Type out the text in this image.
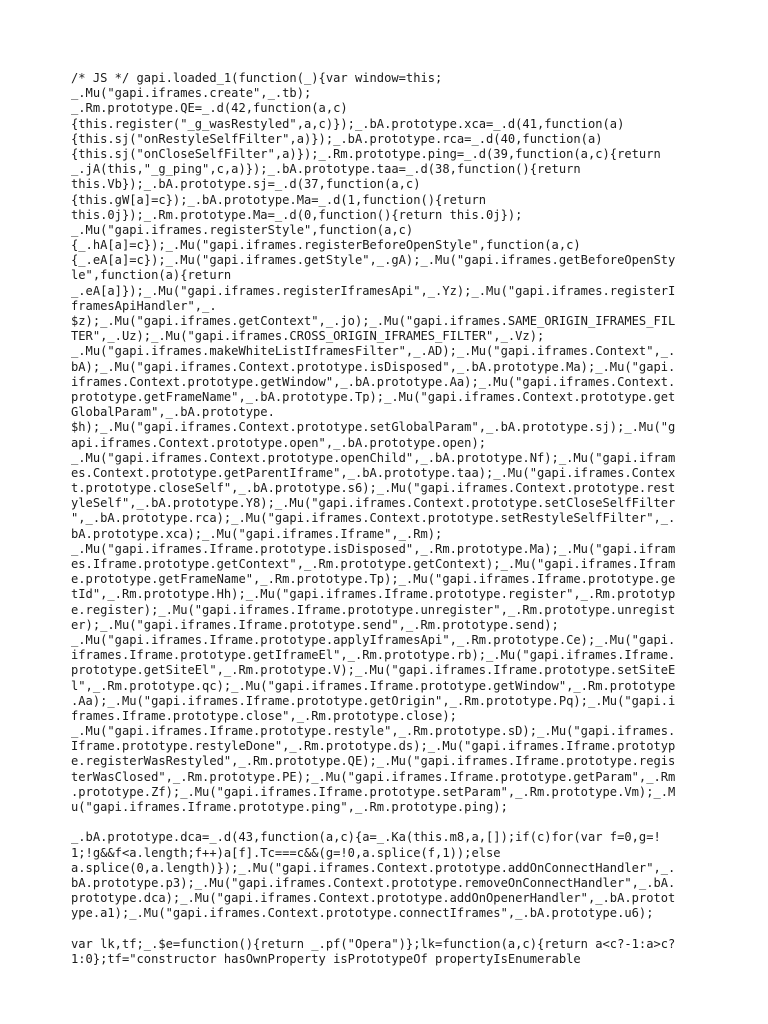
/* JS */ gapi.loaded_1(function(_){var window=this;
_.Mu("gapi.iframes.create",_.tb);
_.Rm.prototype.QE=_.d(42,function(a,c)
{this.register("_g_wasRestyled",a,c)});_.bA.prototype.xca=_.d(41,function(a)
{this.sj("onRestyleSelfFilter",a)});_.bA.prototype.rca=_.d(40,function(a)
{this.sj("onCloseSelfFilter",a)});_.Rm.prototype.ping=_.d(39,function(a,c){return
_.jA(this,"_g_ping",c,a)});_.bA.prototype.taa=_.d(38,function(){return
this.Vb});_.bA.prototype.sj=_.d(37,function(a,c)
{this.gW[a]=c});_.bA.prototype.Ma=_.d(1,function(){return
this.0j});_.Rm.prototype.Ma=_.d(0,function(){return this.0j});
_.Mu("gapi.iframes.registerStyle",function(a,c)
{_.hA[a]=c});_.Mu("gapi.iframes.registerBeforeOpenStyle",function(a,c)
{_.eA[a]=c});_.Mu("gapi.iframes.getStyle",_.gA);_.Mu("gapi.iframes.getBeforeOpenSty
le",function(a){return
_.eA[a]});_.Mu("gapi.iframes.registerIframesApi",_.Yz);_.Mu("gapi.iframes.registerI
framesApiHandler",_.
$z);_.Mu("gapi.iframes.getContext",_.jo);_.Mu("gapi.iframes.SAME_ORIGIN_IFRAMES_FIL
TER",_.Uz);_.Mu("gapi.iframes.CROSS_ORIGIN_IFRAMES_FILTER",_.Vz);
_.Mu("gapi.iframes.makeWhiteListIframesFilter",_.AD);_.Mu("gapi.iframes.Context",_.
bA);_.Mu("gapi.iframes.Context.prototype.isDisposed",_.bA.prototype.Ma);_.Mu("gapi.
iframes.Context.prototype.getWindow",_.bA.prototype.Aa);_.Mu("gapi.iframes.Context.
prototype.getFrameName",_.bA.prototype.Tp);_.Mu("gapi.iframes.Context.prototype.get
GlobalParam",_.bA.prototype.
$h);_.Mu("gapi.iframes.Context.prototype.setGlobalParam",_.bA.prototype.sj);_.Mu("g
api.iframes.Context.prototype.open",_.bA.prototype.open);
_.Mu("gapi.iframes.Context.prototype.openChild",_.bA.prototype.Nf);_.Mu("gapi.ifram
es.Context.prototype.getParentIframe",_.bA.prototype.taa);_.Mu("gapi.iframes.Contex
t.prototype.closeSelf",_.bA.prototype.s6);_.Mu("gapi.iframes.Context.prototype.rest
yleSelf",_.bA.prototype.Y8);_.Mu("gapi.iframes.Context.prototype.setCloseSelfFilter
",_.bA.prototype.rca);_.Mu("gapi.iframes.Context.prototype.setRestyleSelfFilter",_.
bA.prototype.xca);_.Mu("gapi.iframes.Iframe",_.Rm);
_.Mu("gapi.iframes.Iframe.prototype.isDisposed",_.Rm.prototype.Ma);_.Mu("gapi.ifram
es.Iframe.prototype.getContext",_.Rm.prototype.getContext);_.Mu("gapi.iframes.Ifram
e.prototype.getFrameName",_.Rm.prototype.Tp);_.Mu("gapi.iframes.Iframe.prototype.ge
tId",_.Rm.prototype.Hh);_.Mu("gapi.iframes.Iframe.prototype.register",_.Rm.prototyp
e.register);_.Mu("gapi.iframes.Iframe.prototype.unregister",_.Rm.prototype.unregist
er);_.Mu("gapi.iframes.Iframe.prototype.send",_.Rm.prototype.send);
_.Mu("gapi.iframes.Iframe.prototype.applyIframesApi",_.Rm.prototype.Ce);_.Mu("gapi.
iframes.Iframe.prototype.getIframeEl",_.Rm.prototype.rb);_.Mu("gapi.iframes.Iframe.
prototype.getSiteEl",_.Rm.prototype.V);_.Mu("gapi.iframes.Iframe.prototype.setSiteE
l",_.Rm.prototype.qc);_.Mu("gapi.iframes.Iframe.prototype.getWindow",_.Rm.prototype
.Aa);_.Mu("gapi.iframes.Iframe.prototype.getOrigin",_.Rm.prototype.Pq);_.Mu("gapi.i
frames.Iframe.prototype.close",_.Rm.prototype.close);
_.Mu("gapi.iframes.Iframe.prototype.restyle",_.Rm.prototype.sD);_.Mu("gapi.iframes.
Iframe.prototype.restyleDone",_.Rm.prototype.ds);_.Mu("gapi.iframes.Iframe.prototyp
e.registerWasRestyled",_.Rm.prototype.QE);_.Mu("gapi.iframes.Iframe.prototype.regis
terWasClosed",_.Rm.prototype.PE);_.Mu("gapi.iframes.Iframe.prototype.getParam",_.Rm
.prototype.Zf);_.Mu("gapi.iframes.Iframe.prototype.setParam",_.Rm.prototype.Vm);_.M
u("gapi.iframes.Iframe.prototype.ping",_.Rm.prototype.ping);
_.bA.prototype.dca=_.d(43,function(a,c){a=_.Ka(this.m8,a,[]);if(c)for(var f=0,g=!
1;!g&&f<a.length;f++)a[f].Tc===c&&(g=!0,a.splice(f,1));else
a.splice(0,a.length)});_.Mu("gapi.iframes.Context.prototype.addOnConnectHandler",_.
bA.prototype.p3);_.Mu("gapi.iframes.Context.prototype.removeOnConnectHandler",_.bA.
prototype.dca);_.Mu("gapi.iframes.Context.prototype.addOnOpenerHandler",_.bA.protot
ype.a1);_.Mu("gapi.iframes.Context.prototype.connectIframes",_.bA.prototype.u6);
var lk,tf;_.$e=function(){return _.pf("Opera")};lk=function(a,c){return a<c?-1:a>c?
1:0};tf="constructor hasOwnProperty isPrototypeOf propertyIsEnumerable
